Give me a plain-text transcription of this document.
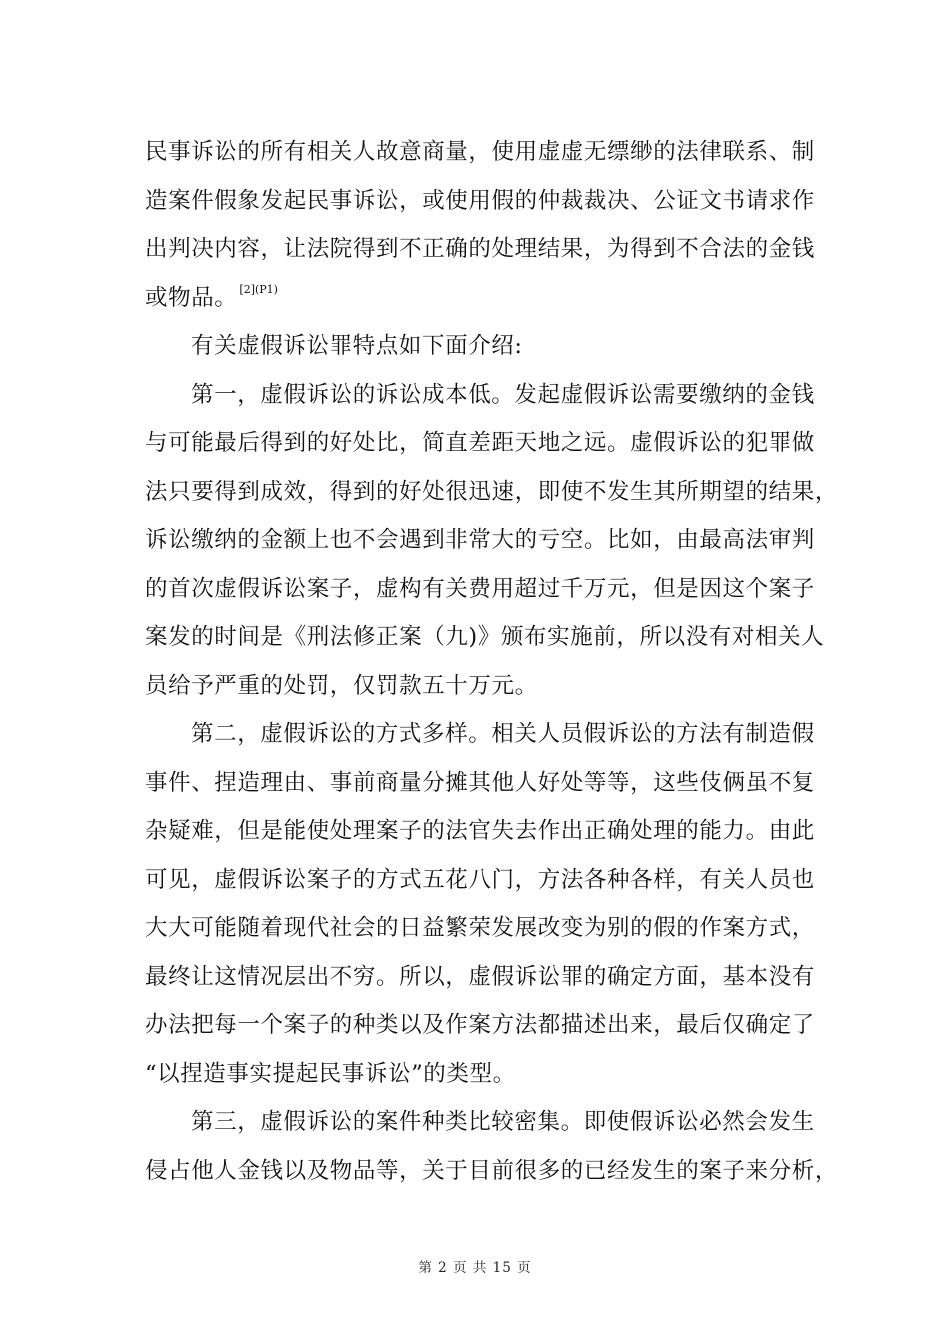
民事诉讼的所有相关人故意商量，使用虚虚无缥缈的法律联系、制
造案件假象发起民事诉讼，或使用假的仲裁裁决、公证文书请求作
出判决内容，让法院得到不正确的处理结果，为得到不合法的金钱
或物品。 $^{[2](P1)}$
有关虚假诉讼罪特点如下面介绍:
第一，虚假诉讼的诉讼成本低。发起虚假诉讼需要缴纳的金钱
与可能最后得到的好处比，简直差距天地之远。虚假诉讼的犯罪做
法只要得到成效，得到的好处很迅速，即使不发生其所期望的结果，
诉讼缴纳的金额上也不会遇到非常大的亏空。比如，由最高法审判
的首次虚假诉讼案子，虚构有关费用超过千万元，但是因这个案子
案发的时间是《刑法修正案（九)》颁布实施前，所以没有对相关人
员给予严重的处罚，仅罚款五十万元。
第二，虚假诉讼的方式多样。相关人员假诉讼的方法有制造假
事件、捏造理由、事前商量分摊其他人好处等等，这些伎俩虽不复
杂疑难，但是能使处理案子的法官失去作出正确处理的能力。由此
可见，虚假诉讼案子的方式五花八门，方法各种各样，有关人员也
大大可能随着现代社会的日益繁荣发展改变为别的假的作案方式，
最终让这情况层出不穷。所以，虚假诉讼罪的确定方面，基本没有
办法把每一个案子的种类以及作案方法都描述出来，最后仅确定了
“以捏造事实提起民事诉讼”的类型。
第三，虚假诉讼的案件种类比较密集。即使假诉讼必然会发生
侵占他人金钱以及物品等，关于目前很多的已经发生的案子来分析，
第 2 页 共 15 页
